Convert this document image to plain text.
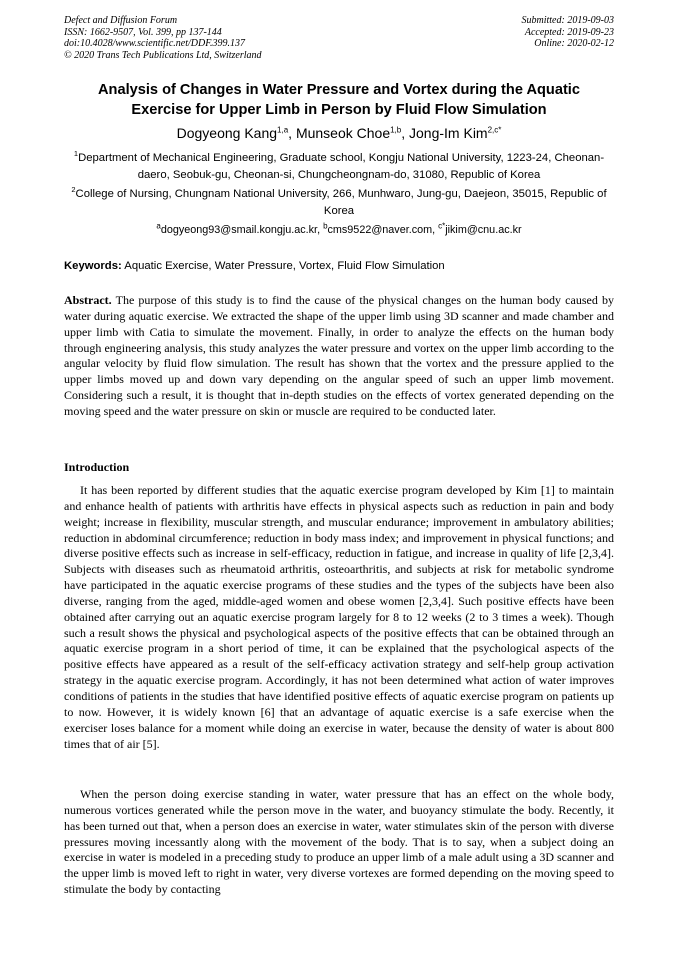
Defect and Diffusion Forum
ISSN: 1662-9507, Vol. 399, pp 137-144
doi:10.4028/www.scientific.net/DDF.399.137
© 2020 Trans Tech Publications Ltd, Switzerland
Submitted: 2019-09-03
Accepted: 2019-09-23
Online: 2020-02-12
Analysis of Changes in Water Pressure and Vortex during the Aquatic
Exercise for Upper Limb in Person by Fluid Flow Simulation
Dogyeong Kang$^{1,a}$, Munseok Choe$^{1,b}$, Jong-Im Kim$^{2,c*}$
$^1$Department of Mechanical Engineering, Graduate school, Kongju National University, 1223-24, Cheonan-daero, Seobuk-gu, Cheonan-si, Chungcheongnam-do, 31080, Republic of Korea
$^2$College of Nursing, Chungnam National University, 266, Munhwaro, Jung-gu, Daejeon, 35015, Republic of Korea
$^a$dogyeong93@smail.kongju.ac.kr, $^b$cms9522@naver.com, $^{c*}$jikim@cnu.ac.kr
Keywords: Aquatic Exercise, Water Pressure, Vortex, Fluid Flow Simulation
Abstract. The purpose of this study is to find the cause of the physical changes on the human body caused by water during aquatic exercise. We extracted the shape of the upper limb using 3D scanner and made chamber and upper limb with Catia to simulate the movement. Finally, in order to analyze the effects on the human body through engineering analysis, this study analyzes the water pressure and vortex on the upper limb according to the angular velocity by fluid flow simulation. The result has shown that the vortex and the pressure applied to the upper limbs moved up and down vary depending on the angular speed of such an upper limb movement. Considering such a result, it is thought that in-depth studies on the effects of vortex generated depending on the moving speed and the water pressure on skin or muscle are required to be conducted later.
Introduction
It has been reported by different studies that the aquatic exercise program developed by Kim [1] to maintain and enhance health of patients with arthritis have effects in physical aspects such as reduction in pain and body weight; increase in flexibility, muscular strength, and muscular endurance; improvement in ambulatory abilities; reduction in abdominal circumference; reduction in body mass index; and improvement in physical functions; and diverse positive effects such as increase in self-efficacy, reduction in fatigue, and increase in quality of life [2,3,4]. Subjects with diseases such as rheumatoid arthritis, osteoarthritis, and subjects at risk for metabolic syndrome have participated in the aquatic exercise programs of these studies and the types of the subjects have been also diverse, ranging from the aged, middle-aged women and obese women [2,3,4]. Such positive effects have been obtained after carrying out an aquatic exercise program largely for 8 to 12 weeks (2 to 3 times a week). Though such a result shows the physical and psychological aspects of the positive effects that can be obtained through an aquatic exercise program in a short period of time, it can be explained that the psychological aspects of the positive effects have appeared as a result of the self-efficacy activation strategy and self-help group activation strategy in the aquatic exercise program. Accordingly, it has not been determined what action of water improves conditions of patients in the studies that have identified positive effects of aquatic exercise program on patients up to now. However, it is widely known [6] that an advantage of aquatic exercise is a safe exercise when the exerciser loses balance for a moment while doing an exercise in water, because the density of water is about 800 times that of air [5].
When the person doing exercise standing in water, water pressure that has an effect on the whole body, numerous vortices generated while the person move in the water, and buoyancy stimulate the body. Recently, it has been turned out that, when a person does an exercise in water, water stimulates skin of the person with diverse pressures moving incessantly along with the movement of the body. That is to say, when a subject doing an exercise in water is modeled in a preceding study to produce an upper limb of a male adult using a 3D scanner and the upper limb is moved left to right in water, very diverse vortexes are formed depending on the moving speed to stimulate the body by contacting
